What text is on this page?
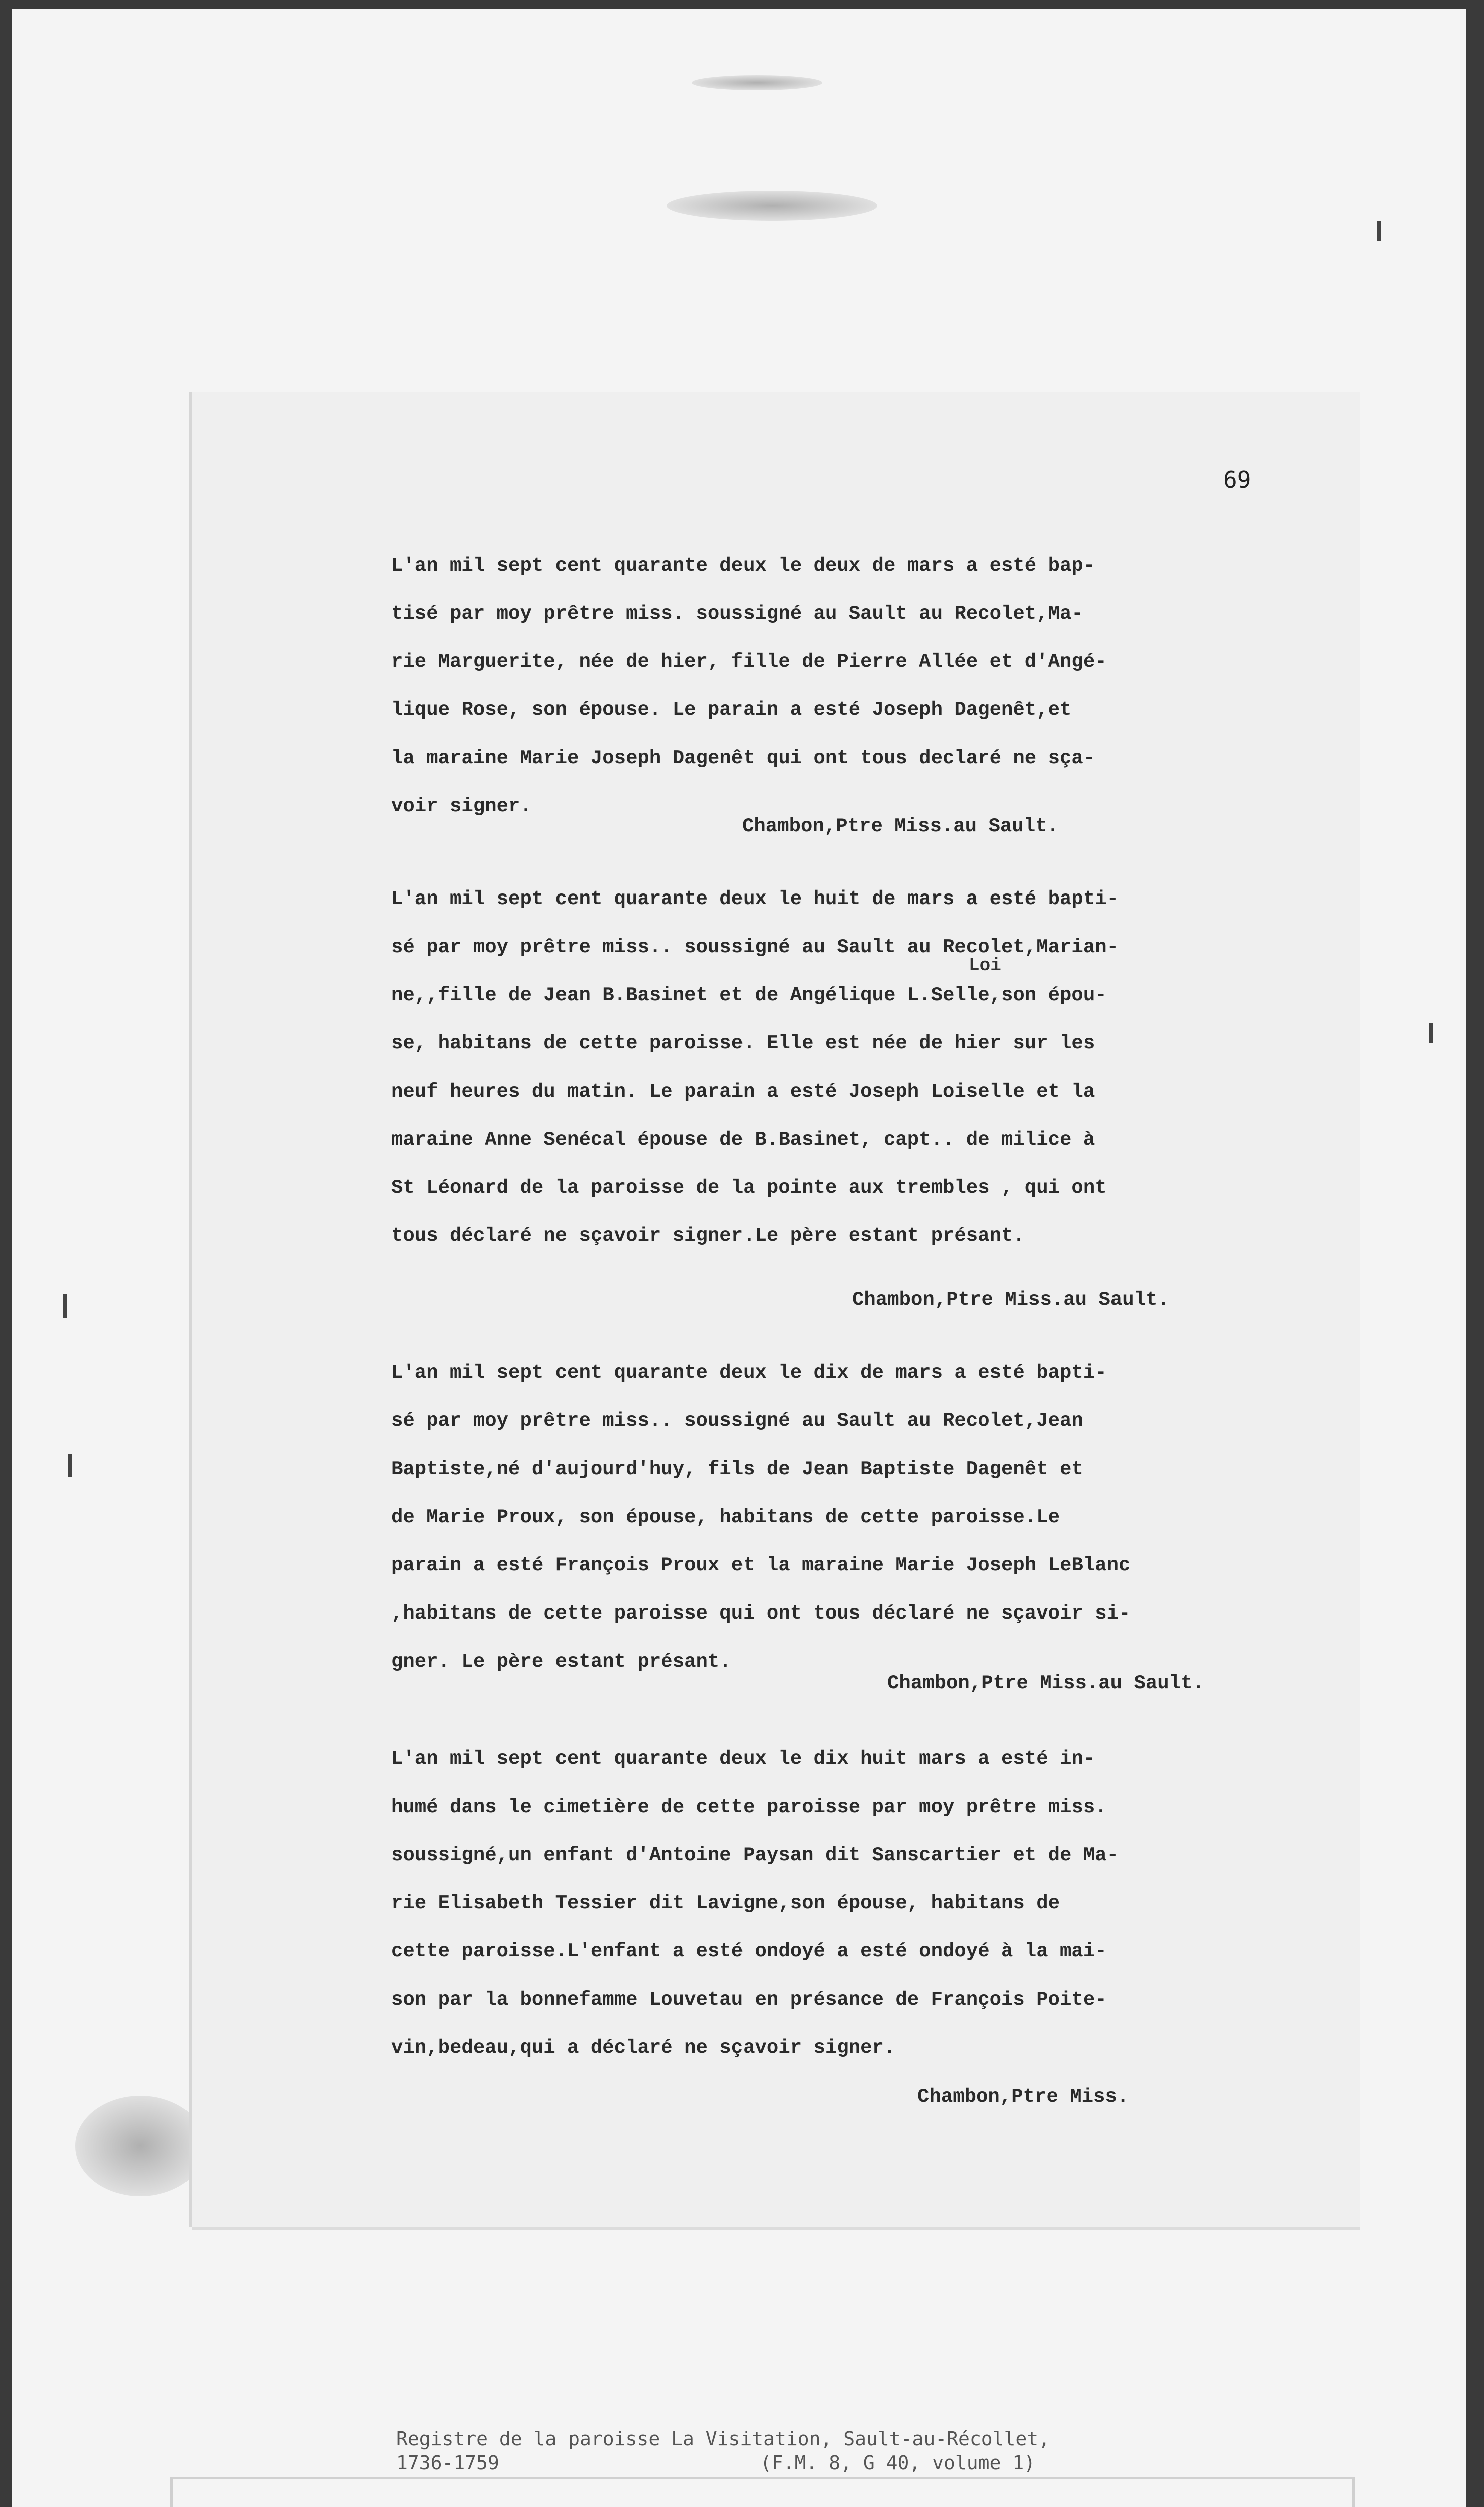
69
L'an mil sept cent quarante deux le deux de mars a esté bap-
tisé par moy prêtre miss. soussigné au Sault au Recolet,Ma-
rie Marguerite, née de hier, fille de Pierre Allée et d'Angé-
lique Rose, son épouse. Le parain a esté Joseph Dagenêt,et
la maraine Marie Joseph Dagenêt qui ont tous declaré ne sça-
voir signer.
Chambon,Ptre Miss.au Sault.
Loi
L'an mil sept cent quarante deux le huit de mars a esté bapti-
sé par moy prêtre miss.. soussigné au Sault au Recolet,Marian-
ne,,fille de Jean B.Basinet et de Angélique L.Selle,son épou-
se, habitans de cette paroisse. Elle est née de hier sur les
neuf heures du matin. Le parain a esté Joseph Loiselle et la
maraine Anne Senécal épouse de B.Basinet, capt.. de milice à
St Léonard de la paroisse de la pointe aux trembles , qui ont
tous déclaré ne sçavoir signer.Le père estant présant.
Chambon,Ptre Miss.au Sault.
L'an mil sept cent quarante deux le dix de mars a esté bapti-
sé par moy prêtre miss.. soussigné au Sault au Recolet,Jean
Baptiste,né d'aujourd'huy, fils de Jean Baptiste Dagenêt et
de Marie Proux, son épouse, habitans de cette paroisse.Le
parain a esté François Proux et la maraine Marie Joseph LeBlanc
,habitans de cette paroisse qui ont tous déclaré ne sçavoir si-
gner. Le père estant présant.
Chambon,Ptre Miss.au Sault.
L'an mil sept cent quarante deux le dix huit mars a esté in-
humé dans le cimetière de cette paroisse par moy prêtre miss.
soussigné,un enfant d'Antoine Paysan dit Sanscartier et de Ma-
rie Elisabeth Tessier dit Lavigne,son épouse, habitans de
cette paroisse.L'enfant a esté ondoyé a esté ondoyé à la mai-
son par la bonnefamme Louvetau en présance de François Poite-
vin,bedeau,qui a déclaré ne sçavoir signer.
Chambon,Ptre Miss.
Registre de la paroisse La Visitation, Sault-au-Récollet,
1736-1759	(F.M. 8, G 40, volume 1)
